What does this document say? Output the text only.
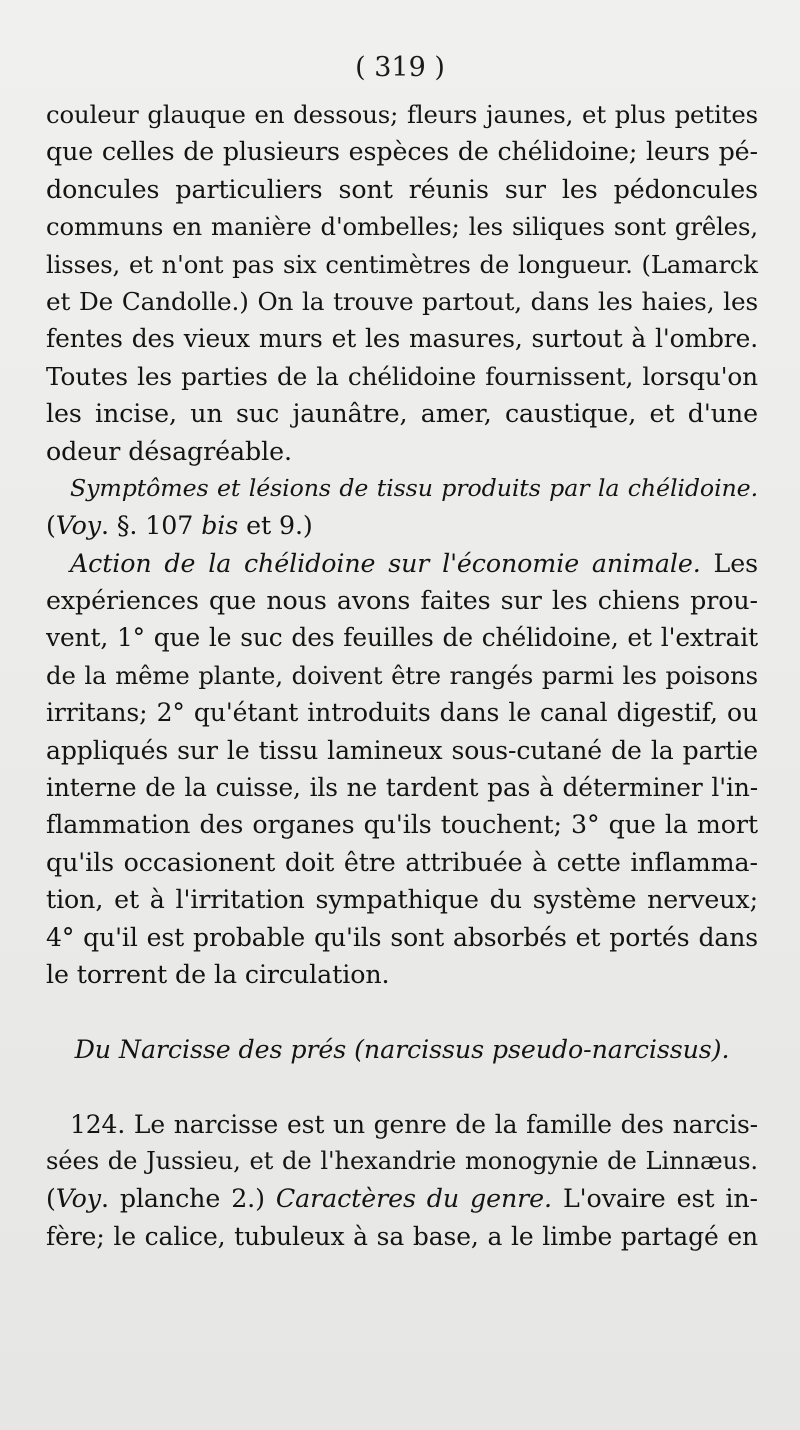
( 319 )
couleur glauque en dessous; fleurs jaunes, et plus petites
que celles de plusieurs espèces de chélidoine; leurs pé-
doncules particuliers sont réunis sur les pédoncules
communs en manière d'ombelles; les siliques sont grêles,
lisses, et n'ont pas six centimètres de longueur. (Lamarck
et De Candolle.) On la trouve partout, dans les haies, les
fentes des vieux murs et les masures, surtout à l'ombre.
Toutes les parties de la chélidoine fournissent, lorsqu'on
les incise, un suc jaunâtre, amer, caustique, et d'une
odeur désagréable.
Symptômes et lésions de tissu produits par la chélidoine.
(Voy. §. 107 bis et 9.)
Action de la chélidoine sur l'économie animale. Les
expériences que nous avons faites sur les chiens prou-
vent, 1° que le suc des feuilles de chélidoine, et l'extrait
de la même plante, doivent être rangés parmi les poisons
irritans; 2° qu'étant introduits dans le canal digestif, ou
appliqués sur le tissu lamineux sous-cutané de la partie
interne de la cuisse, ils ne tardent pas à déterminer l'in-
flammation des organes qu'ils touchent; 3° que la mort
qu'ils occasionent doit être attribuée à cette inflamma-
tion, et à l'irritation sympathique du système nerveux;
4° qu'il est probable qu'ils sont absorbés et portés dans
le torrent de la circulation.
Du Narcisse des prés (narcissus pseudo-narcissus).
124. Le narcisse est un genre de la famille des narcis-
sées de Jussieu, et de l'hexandrie monogynie de Linnæus.
(Voy. planche 2.) Caractères du genre. L'ovaire est in-
fère; le calice, tubuleux à sa base, a le limbe partagé en
